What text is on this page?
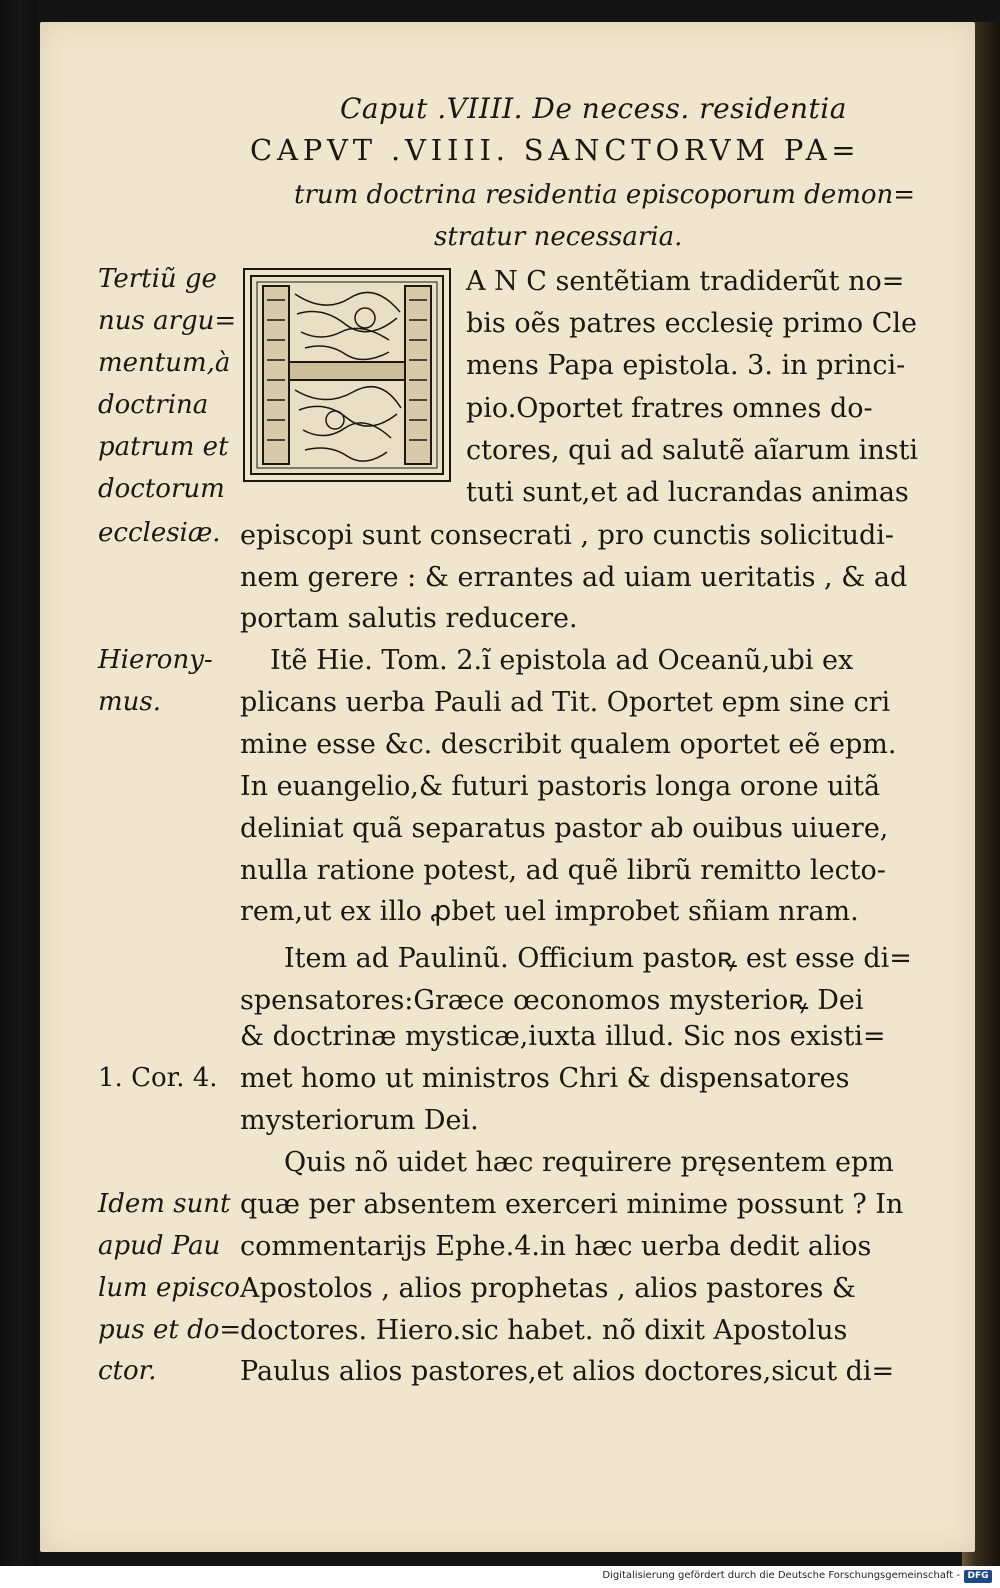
Caput .VIIII. De necess. residentia
CAPVT .VIIII. SANCTORVM PA=
trum doctrina residentia episcoporum demon=
stratur necessaria.
A N C sentẽtiam tradiderũt no=
bis oẽs patres ecclesię primo Cle
mens Papa epistola. 3. in princi-
pio.Oportet fratres omnes do-
ctores, qui ad salutẽ aĩarum insti
tuti sunt,et ad lucrandas animas
episcopi sunt consecrati , pro cunctis solicitudi-
nem gerere : & errantes ad uiam ueritatis , & ad
portam salutis reducere.
Itẽ Hie. Tom. 2.ĩ epistola ad Oceanũ,ubi ex
plicans uerba Pauli ad Tit. Oportet epm sine cri
mine esse &c. describit qualem oportet eẽ epm.
In euangelio,& futuri pastoris longa orone uitã
deliniat quã separatus pastor ab ouibus uiuere,
nulla ratione potest, ad quẽ librũ remitto lecto-
rem,ut ex illo ꝓbet uel improbet sñiam nram.
Item ad Paulinũ. Officium pastoꝶ est esse di=
spensatores:Græce œconomos mysterioꝶ Dei
& doctrinæ mysticæ,iuxta illud. Sic nos existi=
met homo ut ministros Chri & dispensatores
mysteriorum Dei.
Quis nõ uidet hæc requirere pręsentem epm
quæ per absentem exerceri minime possunt ? In
commentarijs Ephe.4.in hæc uerba dedit alios
Apostolos , alios prophetas , alios pastores &
doctores. Hiero.sic habet. nõ dixit Apostolus
Paulus alios pastores,et alios doctores,sicut di=
Tertiũ ge
nus argu=
mentum,à
doctrina
patrum et
doctorum
ecclesiæ.
Hierony-
mus.
1. Cor. 4.
Idem sunt
apud Pau
lum episco
pus et do=
ctor.
Digitalisierung gefördert durch die Deutsche Forschungsgemeinschaft - DFG
